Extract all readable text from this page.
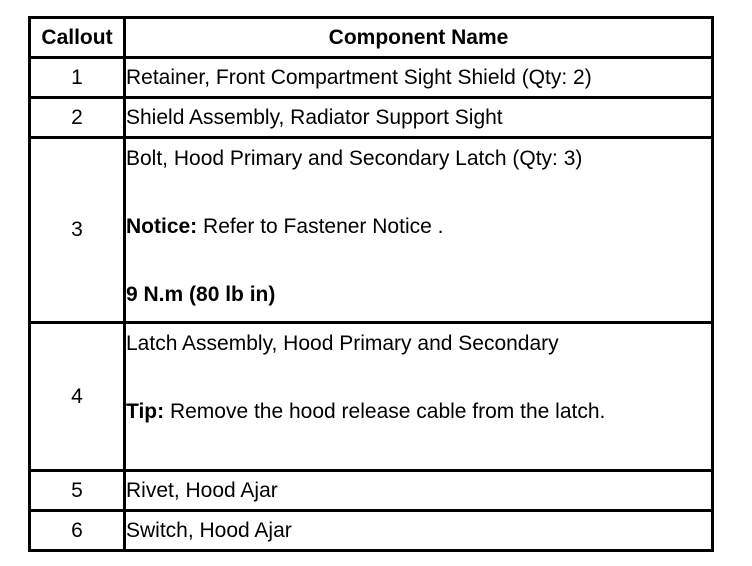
Callout	Component Name
1	Retainer, Front Compartment Sight Shield (Qty: 2)
2	Shield Assembly, Radiator Support Sight
3	Bolt, Hood Primary and Secondary Latch (Qty: 3)
Notice: Refer to Fastener Notice .
9 N.m (80 lb in)

4	Latch Assembly, Hood Primary and Secondary
Tip: Remove the hood release cable from the latch.

5	Rivet, Hood Ajar
6	Switch, Hood Ajar
